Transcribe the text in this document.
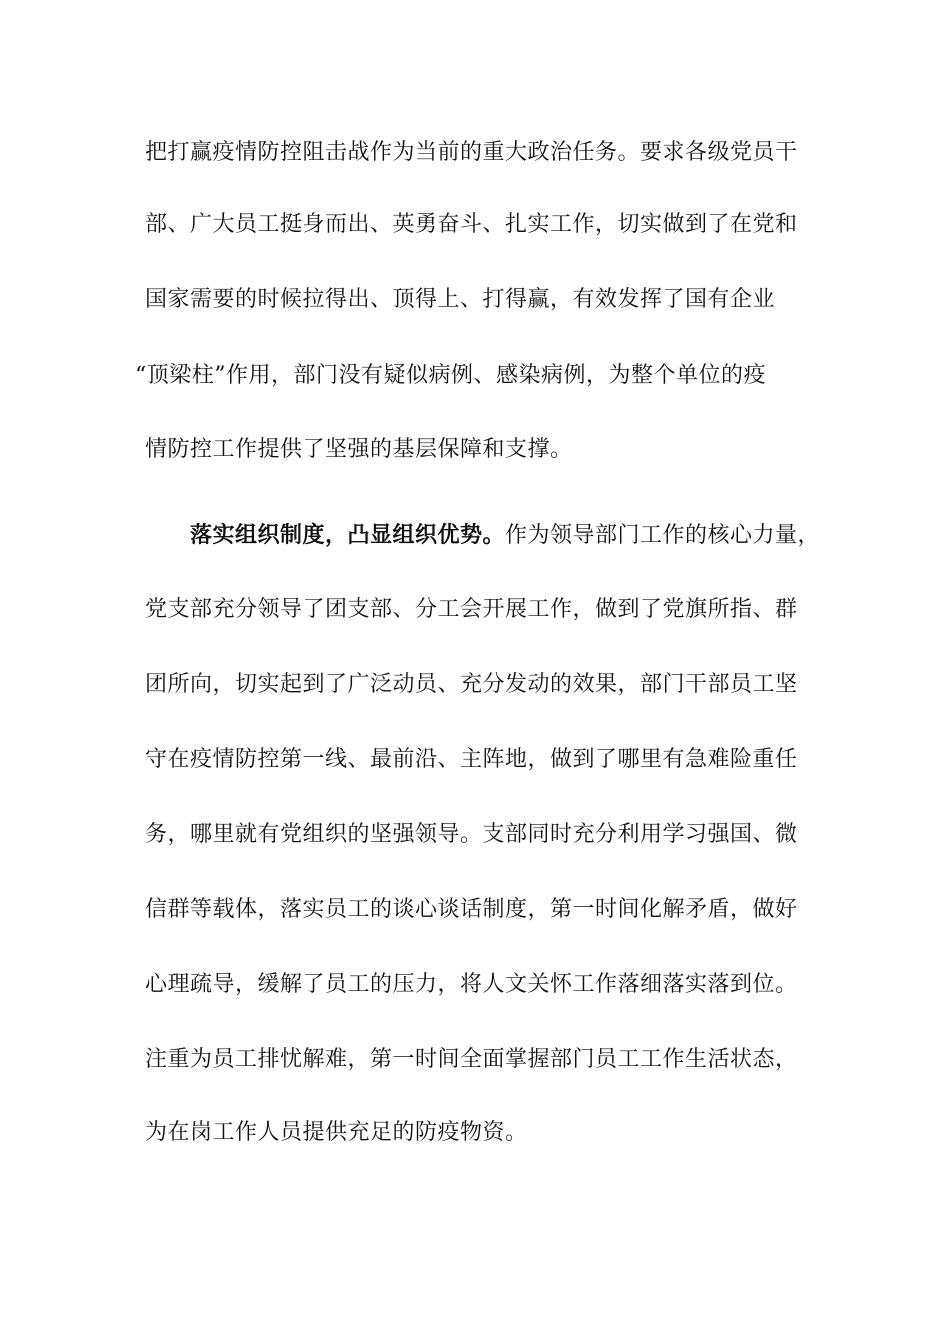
把打赢疫情防控阻击战作为当前的重大政治任务。要求各级党员干
部、广大员工挺身而出、英勇奋斗、扎实工作，切实做到了在党和
国家需要的时候拉得出、顶得上、打得赢，有效发挥了国有企业
“顶梁柱”作用，部门没有疑似病例、感染病例，为整个单位的疫
情防控工作提供了坚强的基层保障和支撑。
落实组织制度，凸显组织优势。作为领导部门工作的核心力量，
党支部充分领导了团支部、分工会开展工作，做到了党旗所指、群
团所向，切实起到了广泛动员、充分发动的效果，部门干部员工坚
守在疫情防控第一线、最前沿、主阵地，做到了哪里有急难险重任
务，哪里就有党组织的坚强领导。支部同时充分利用学习强国、微
信群等载体，落实员工的谈心谈话制度，第一时间化解矛盾，做好
心理疏导，缓解了员工的压力，将人文关怀工作落细落实落到位。
注重为员工排忧解难，第一时间全面掌握部门员工工作生活状态，
为在岗工作人员提供充足的防疫物资。
